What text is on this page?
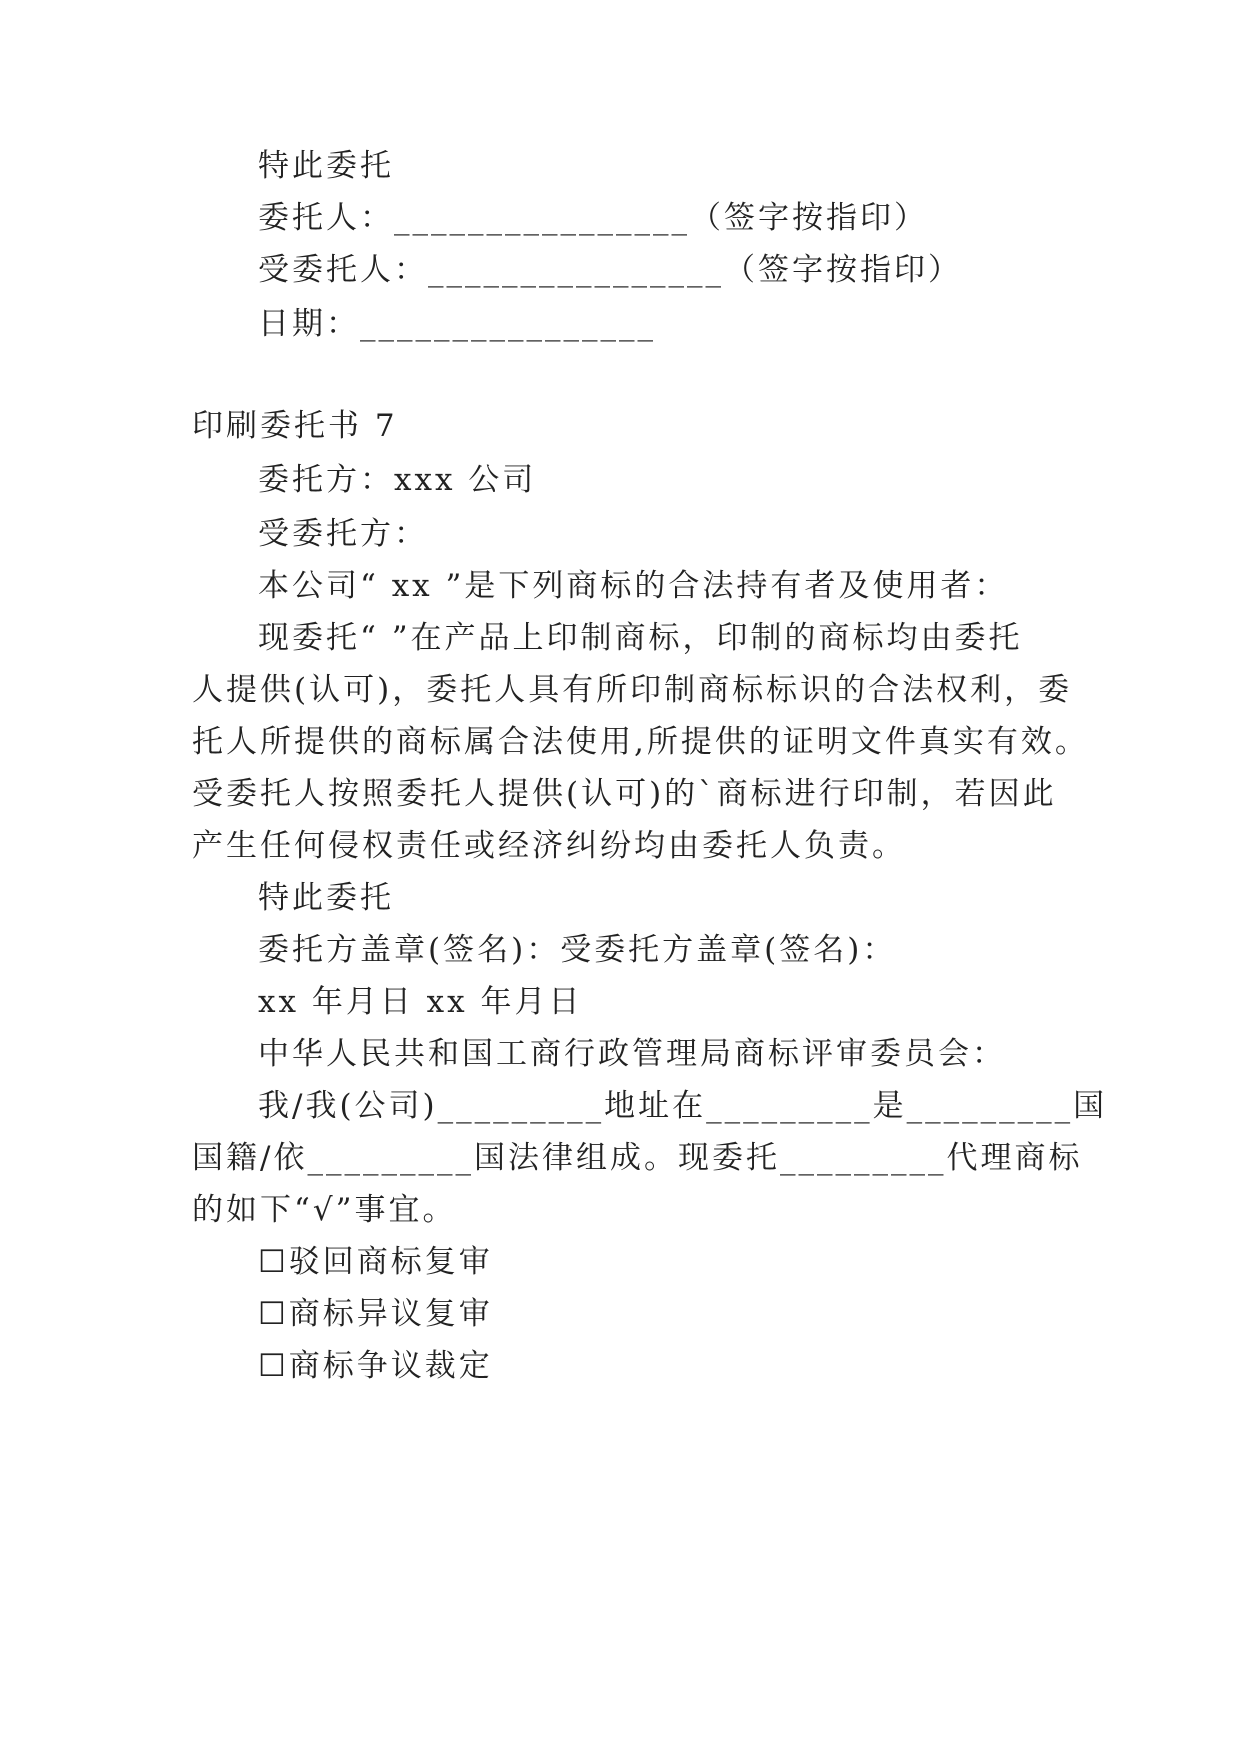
特此委托
委托人：________________（签字按指印）
受委托人：________________（签字按指印）
日期：________________
印刷委托书 7
委托方：xxx 公司
受委托方：
本公司“ xx ”是下列商标的合法持有者及使用者：
现委托“ ”在产品上印制商标，印制的商标均由委托
人提供(认可)，委托人具有所印制商标标识的合法权利，委
托人所提供的商标属合法使用,所提供的证明文件真实有效。
受委托人按照委托人提供(认可)的`商标进行印制，若因此
产生任何侵权责任或经济纠纷均由委托人负责。
特此委托
委托方盖章(签名)：受委托方盖章(签名)：
xx 年月日 xx 年月日
中华人民共和国工商行政管理局商标评审委员会：
我/我(公司)_________地址在_________是_________国
国籍/依_________国法律组成。现委托_________代理商标
的如下“√”事宜。
☐驳回商标复审
☐商标异议复审
☐商标争议裁定
